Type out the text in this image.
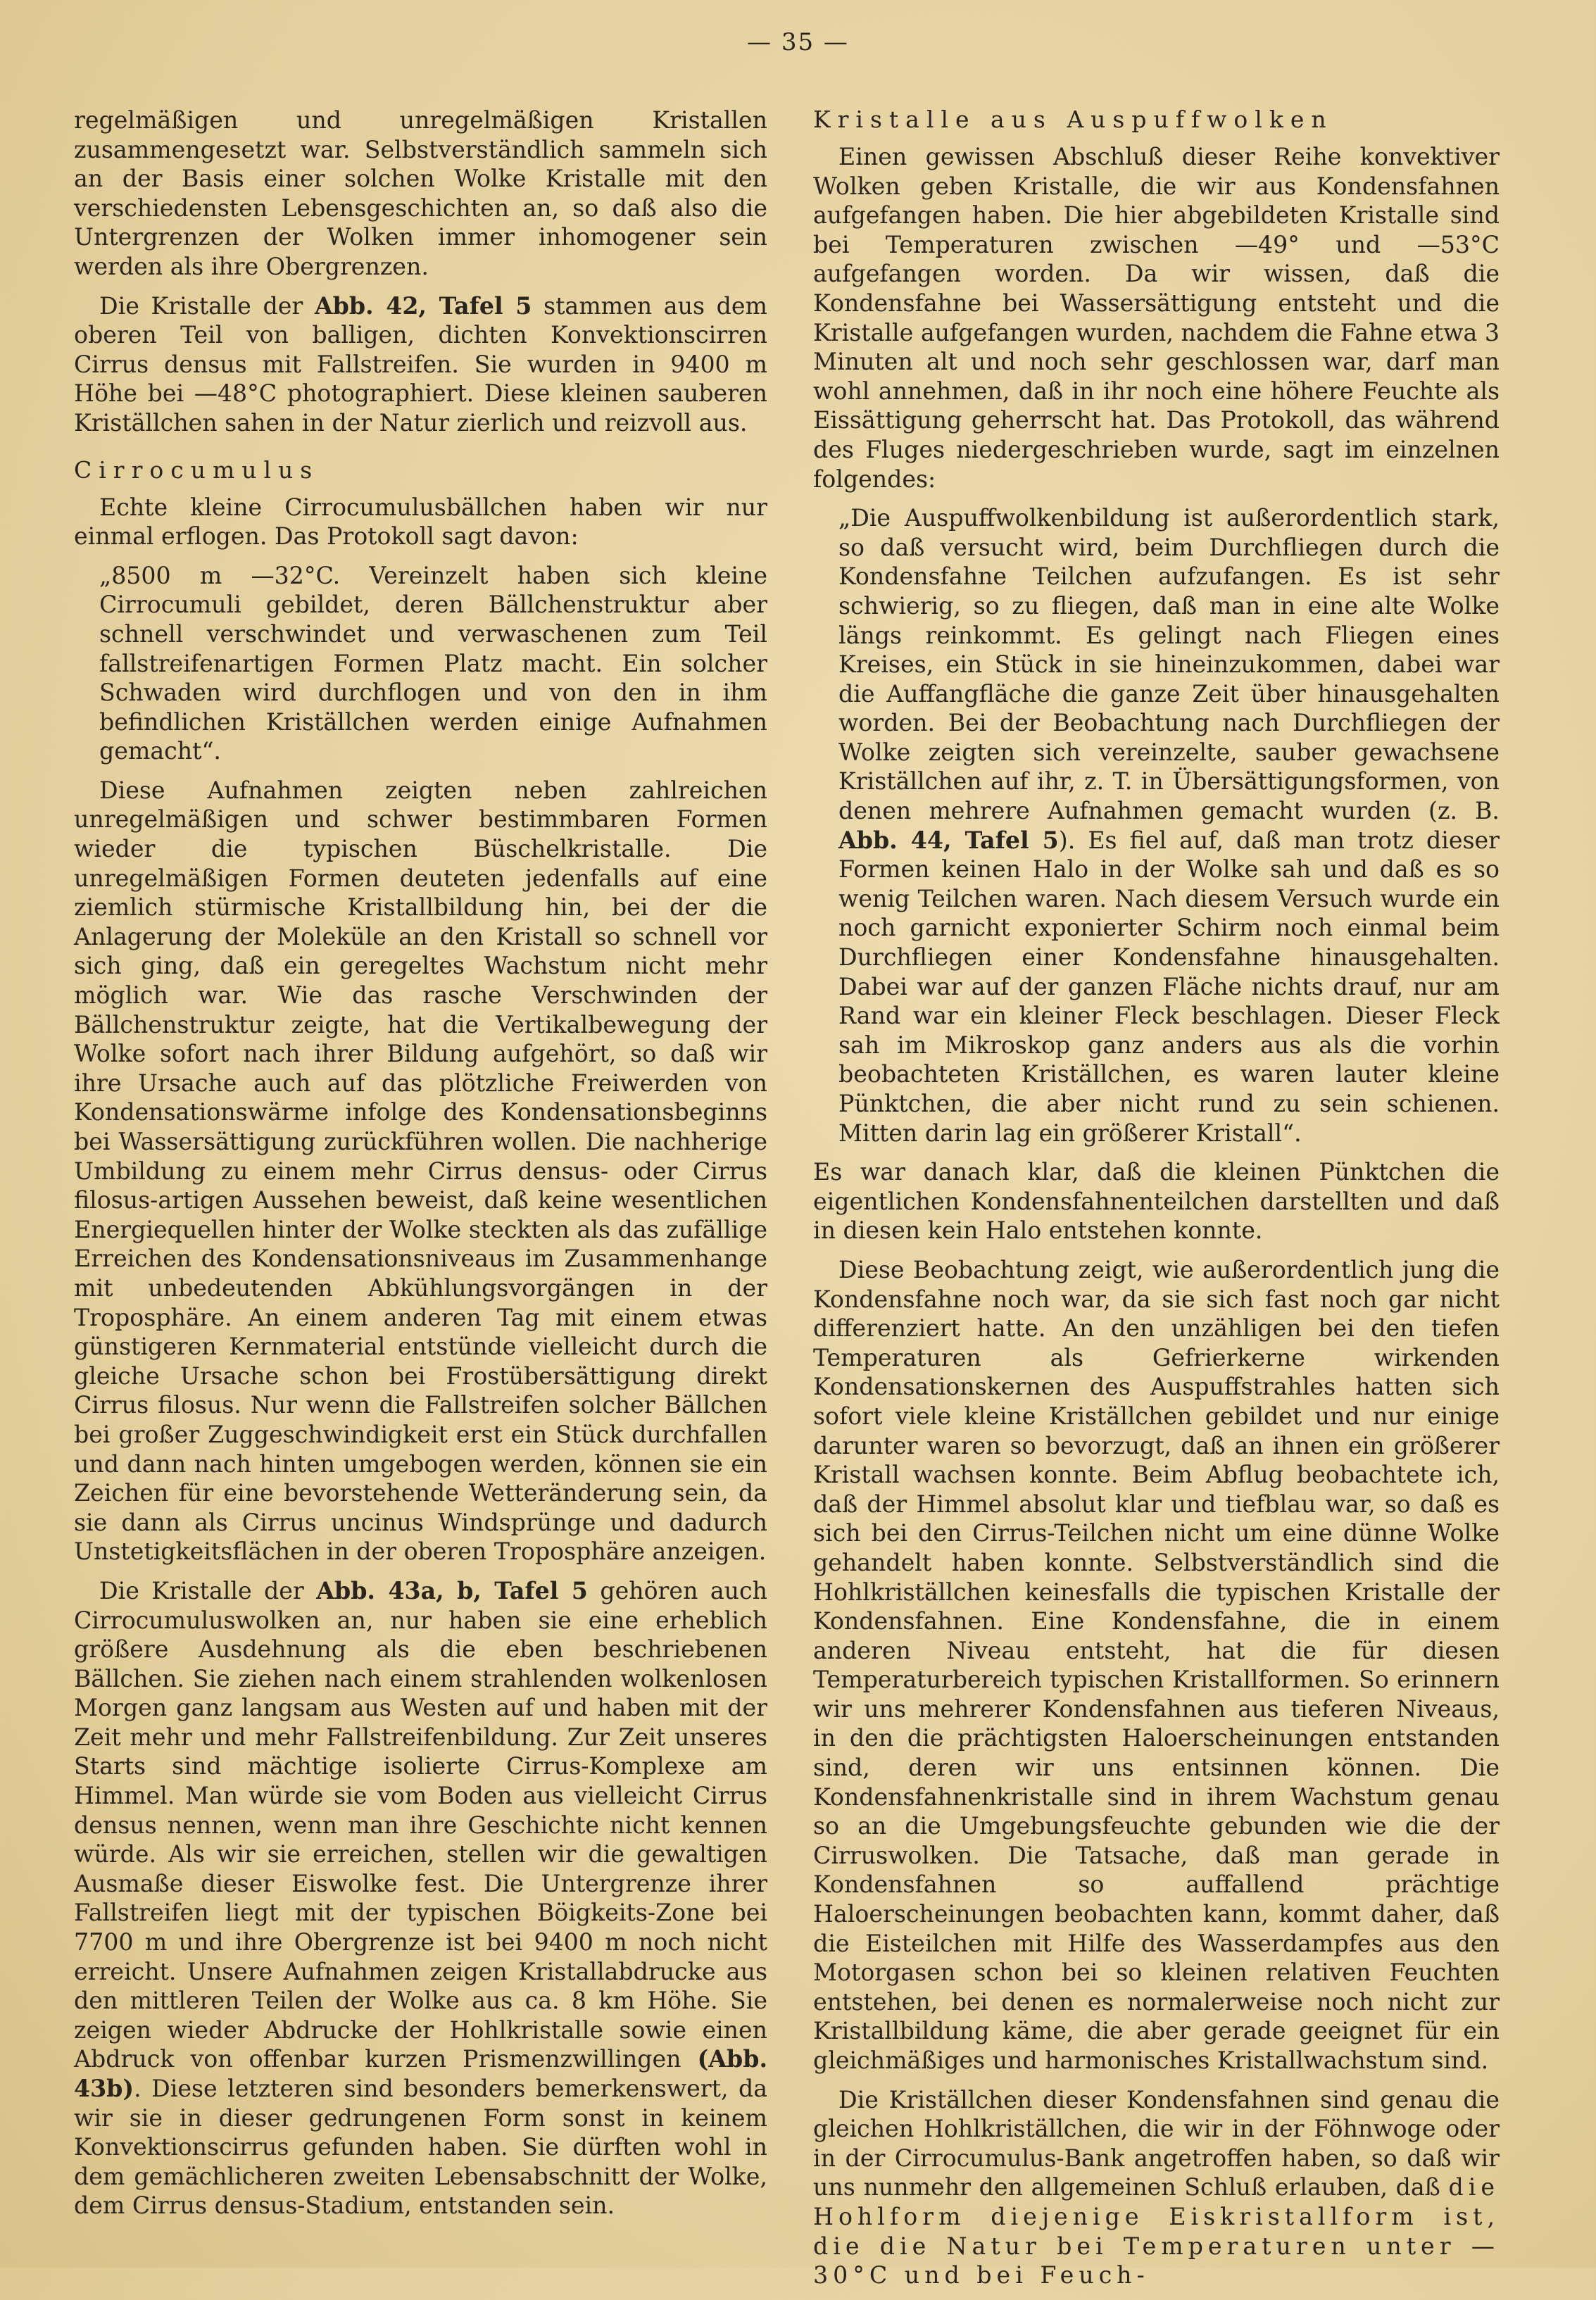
— 35 —

regelmäßigen und unregelmäßigen Kristallen zusammengesetzt war. Selbstverständlich sammeln sich an der Basis einer solchen Wolke Kristalle mit den verschiedensten Lebensgeschichten an, so daß also die Untergrenzen der Wolken immer inhomogener sein werden als ihre Obergrenzen.

Die Kristalle der Abb. 42, Tafel 5 stammen aus dem oberen Teil von balligen, dichten Konvektionscirren Cirrus densus mit Fallstreifen. Sie wurden in 9400 m Höhe bei —48°C photographiert. Diese kleinen sauberen Kriställchen sahen in der Natur zierlich und reizvoll aus.

Cirrocumulus

Echte kleine Cirrocumulusbällchen haben wir nur einmal erflogen. Das Protokoll sagt davon:

„8500 m —32°C. Vereinzelt haben sich kleine Cirrocumuli gebildet, deren Bällchenstruktur aber schnell verschwindet und verwaschenen zum Teil fallstreifenartigen Formen Platz macht. Ein solcher Schwaden wird durchflogen und von den in ihm befindlichen Kriställchen werden einige Aufnahmen gemacht“.

Diese Aufnahmen zeigten neben zahlreichen unregelmäßigen und schwer bestimmbaren Formen wieder die typischen Büschelkristalle. Die unregelmäßigen Formen deuteten jedenfalls auf eine ziemlich stürmische Kristallbildung hin, bei der die Anlagerung der Moleküle an den Kristall so schnell vor sich ging, daß ein geregeltes Wachstum nicht mehr möglich war. Wie das rasche Verschwinden der Bällchenstruktur zeigte, hat die Vertikalbewegung der Wolke sofort nach ihrer Bildung aufgehört, so daß wir ihre Ursache auch auf das plötzliche Freiwerden von Kondensationswärme infolge des Kondensationsbeginns bei Wassersättigung zurückführen wollen. Die nachherige Umbildung zu einem mehr Cirrus densus- oder Cirrus filosus-artigen Aussehen beweist, daß keine wesentlichen Energiequellen hinter der Wolke steckten als das zufällige Erreichen des Kondensationsniveaus im Zusammenhange mit unbedeutenden Abkühlungsvorgängen in der Troposphäre. An einem anderen Tag mit einem etwas günstigeren Kernmaterial entstünde vielleicht durch die gleiche Ursache schon bei Frostübersättigung direkt Cirrus filosus. Nur wenn die Fallstreifen solcher Bällchen bei großer Zuggeschwindigkeit erst ein Stück durchfallen und dann nach hinten umgebogen werden, können sie ein Zeichen für eine bevorstehende Wetteränderung sein, da sie dann als Cirrus uncinus Windsprünge und dadurch Unstetigkeitsflächen in der oberen Troposphäre anzeigen.

Die Kristalle der Abb. 43a, b, Tafel 5 gehören auch Cirrocumuluswolken an, nur haben sie eine erheblich größere Ausdehnung als die eben beschriebenen Bällchen. Sie ziehen nach einem strahlenden wolkenlosen Morgen ganz langsam aus Westen auf und haben mit der Zeit mehr und mehr Fallstreifenbildung. Zur Zeit unseres Starts sind mächtige isolierte Cirrus-Komplexe am Himmel. Man würde sie vom Boden aus vielleicht Cirrus densus nennen, wenn man ihre Geschichte nicht kennen würde. Als wir sie erreichen, stellen wir die gewaltigen Ausmaße dieser Eiswolke fest. Die Untergrenze ihrer Fallstreifen liegt mit der typischen Böigkeits-Zone bei 7700 m und ihre Obergrenze ist bei 9400 m noch nicht erreicht. Unsere Aufnahmen zeigen Kristallabdrucke aus den mittleren Teilen der Wolke aus ca. 8 km Höhe. Sie zeigen wieder Abdrucke der Hohlkristalle sowie einen Abdruck von offenbar kurzen Prismenzwillingen (Abb. 43b). Diese letzteren sind besonders bemerkenswert, da wir sie in dieser gedrungenen Form sonst in keinem Konvektionscirrus gefunden haben. Sie dürften wohl in dem gemächlicheren zweiten Lebensabschnitt der Wolke, dem Cirrus densus-Stadium, entstanden sein.

Kristalle aus Auspuffwolken

Einen gewissen Abschluß dieser Reihe konvektiver Wolken geben Kristalle, die wir aus Kondensfahnen aufgefangen haben. Die hier abgebildeten Kristalle sind bei Temperaturen zwischen —49° und —53°C aufgefangen worden. Da wir wissen, daß die Kondensfahne bei Wassersättigung entsteht und die Kristalle aufgefangen wurden, nachdem die Fahne etwa 3 Minuten alt und noch sehr geschlossen war, darf man wohl annehmen, daß in ihr noch eine höhere Feuchte als Eissättigung geherrscht hat. Das Protokoll, das während des Fluges niedergeschrieben wurde, sagt im einzelnen folgendes:

„Die Auspuffwolkenbildung ist außerordentlich stark, so daß versucht wird, beim Durchfliegen durch die Kondensfahne Teilchen aufzufangen. Es ist sehr schwierig, so zu fliegen, daß man in eine alte Wolke längs reinkommt. Es gelingt nach Fliegen eines Kreises, ein Stück in sie hineinzukommen, dabei war die Auffangfläche die ganze Zeit über hinausgehalten worden. Bei der Beobachtung nach Durchfliegen der Wolke zeigten sich vereinzelte, sauber gewachsene Kriställchen auf ihr, z. T. in Übersättigungsformen, von denen mehrere Aufnahmen gemacht wurden (z. B. Abb. 44, Tafel 5). Es fiel auf, daß man trotz dieser Formen keinen Halo in der Wolke sah und daß es so wenig Teilchen waren. Nach diesem Versuch wurde ein noch garnicht exponierter Schirm noch einmal beim Durchfliegen einer Kondensfahne hinausgehalten. Dabei war auf der ganzen Fläche nichts drauf, nur am Rand war ein kleiner Fleck beschlagen. Dieser Fleck sah im Mikroskop ganz anders aus als die vorhin beobachteten Kriställchen, es waren lauter kleine Pünktchen, die aber nicht rund zu sein schienen. Mitten darin lag ein größerer Kristall“.

Es war danach klar, daß die kleinen Pünktchen die eigentlichen Kondensfahnenteilchen darstellten und daß in diesen kein Halo entstehen konnte.

Diese Beobachtung zeigt, wie außerordentlich jung die Kondensfahne noch war, da sie sich fast noch gar nicht differenziert hatte. An den unzähligen bei den tiefen Temperaturen als Gefrierkerne wirkenden Kondensationskernen des Auspuffstrahles hatten sich sofort viele kleine Kriställchen gebildet und nur einige darunter waren so bevorzugt, daß an ihnen ein größerer Kristall wachsen konnte. Beim Abflug beobachtete ich, daß der Himmel absolut klar und tiefblau war, so daß es sich bei den Cirrus-Teilchen nicht um eine dünne Wolke gehandelt haben konnte. Selbstverständlich sind die Hohlkriställchen keinesfalls die typischen Kristalle der Kondensfahnen. Eine Kondensfahne, die in einem anderen Niveau entsteht, hat die für diesen Temperaturbereich typischen Kristallformen. So erinnern wir uns mehrerer Kondensfahnen aus tieferen Niveaus, in den die prächtigsten Haloerscheinungen entstanden sind, deren wir uns entsinnen können. Die Kondensfahnenkristalle sind in ihrem Wachstum genau so an die Umgebungsfeuchte gebunden wie die der Cirruswolken. Die Tatsache, daß man gerade in Kondensfahnen so auffallend prächtige Haloerscheinungen beobachten kann, kommt daher, daß die Eisteilchen mit Hilfe des Wasserdampfes aus den Motorgasen schon bei so kleinen relativen Feuchten entstehen, bei denen es normalerweise noch nicht zur Kristallbildung käme, die aber gerade geeignet für ein gleichmäßiges und harmonisches Kristallwachstum sind.

Die Kriställchen dieser Kondensfahnen sind genau die gleichen Hohlkriställchen, die wir in der Föhnwoge oder in der Cirrocumulus-Bank angetroffen haben, so daß wir uns nunmehr den allgemeinen Schluß erlauben, daß die Hohlform diejenige Eiskristallform ist, die die Natur bei Temperaturen unter —30°C und bei Feuch-
